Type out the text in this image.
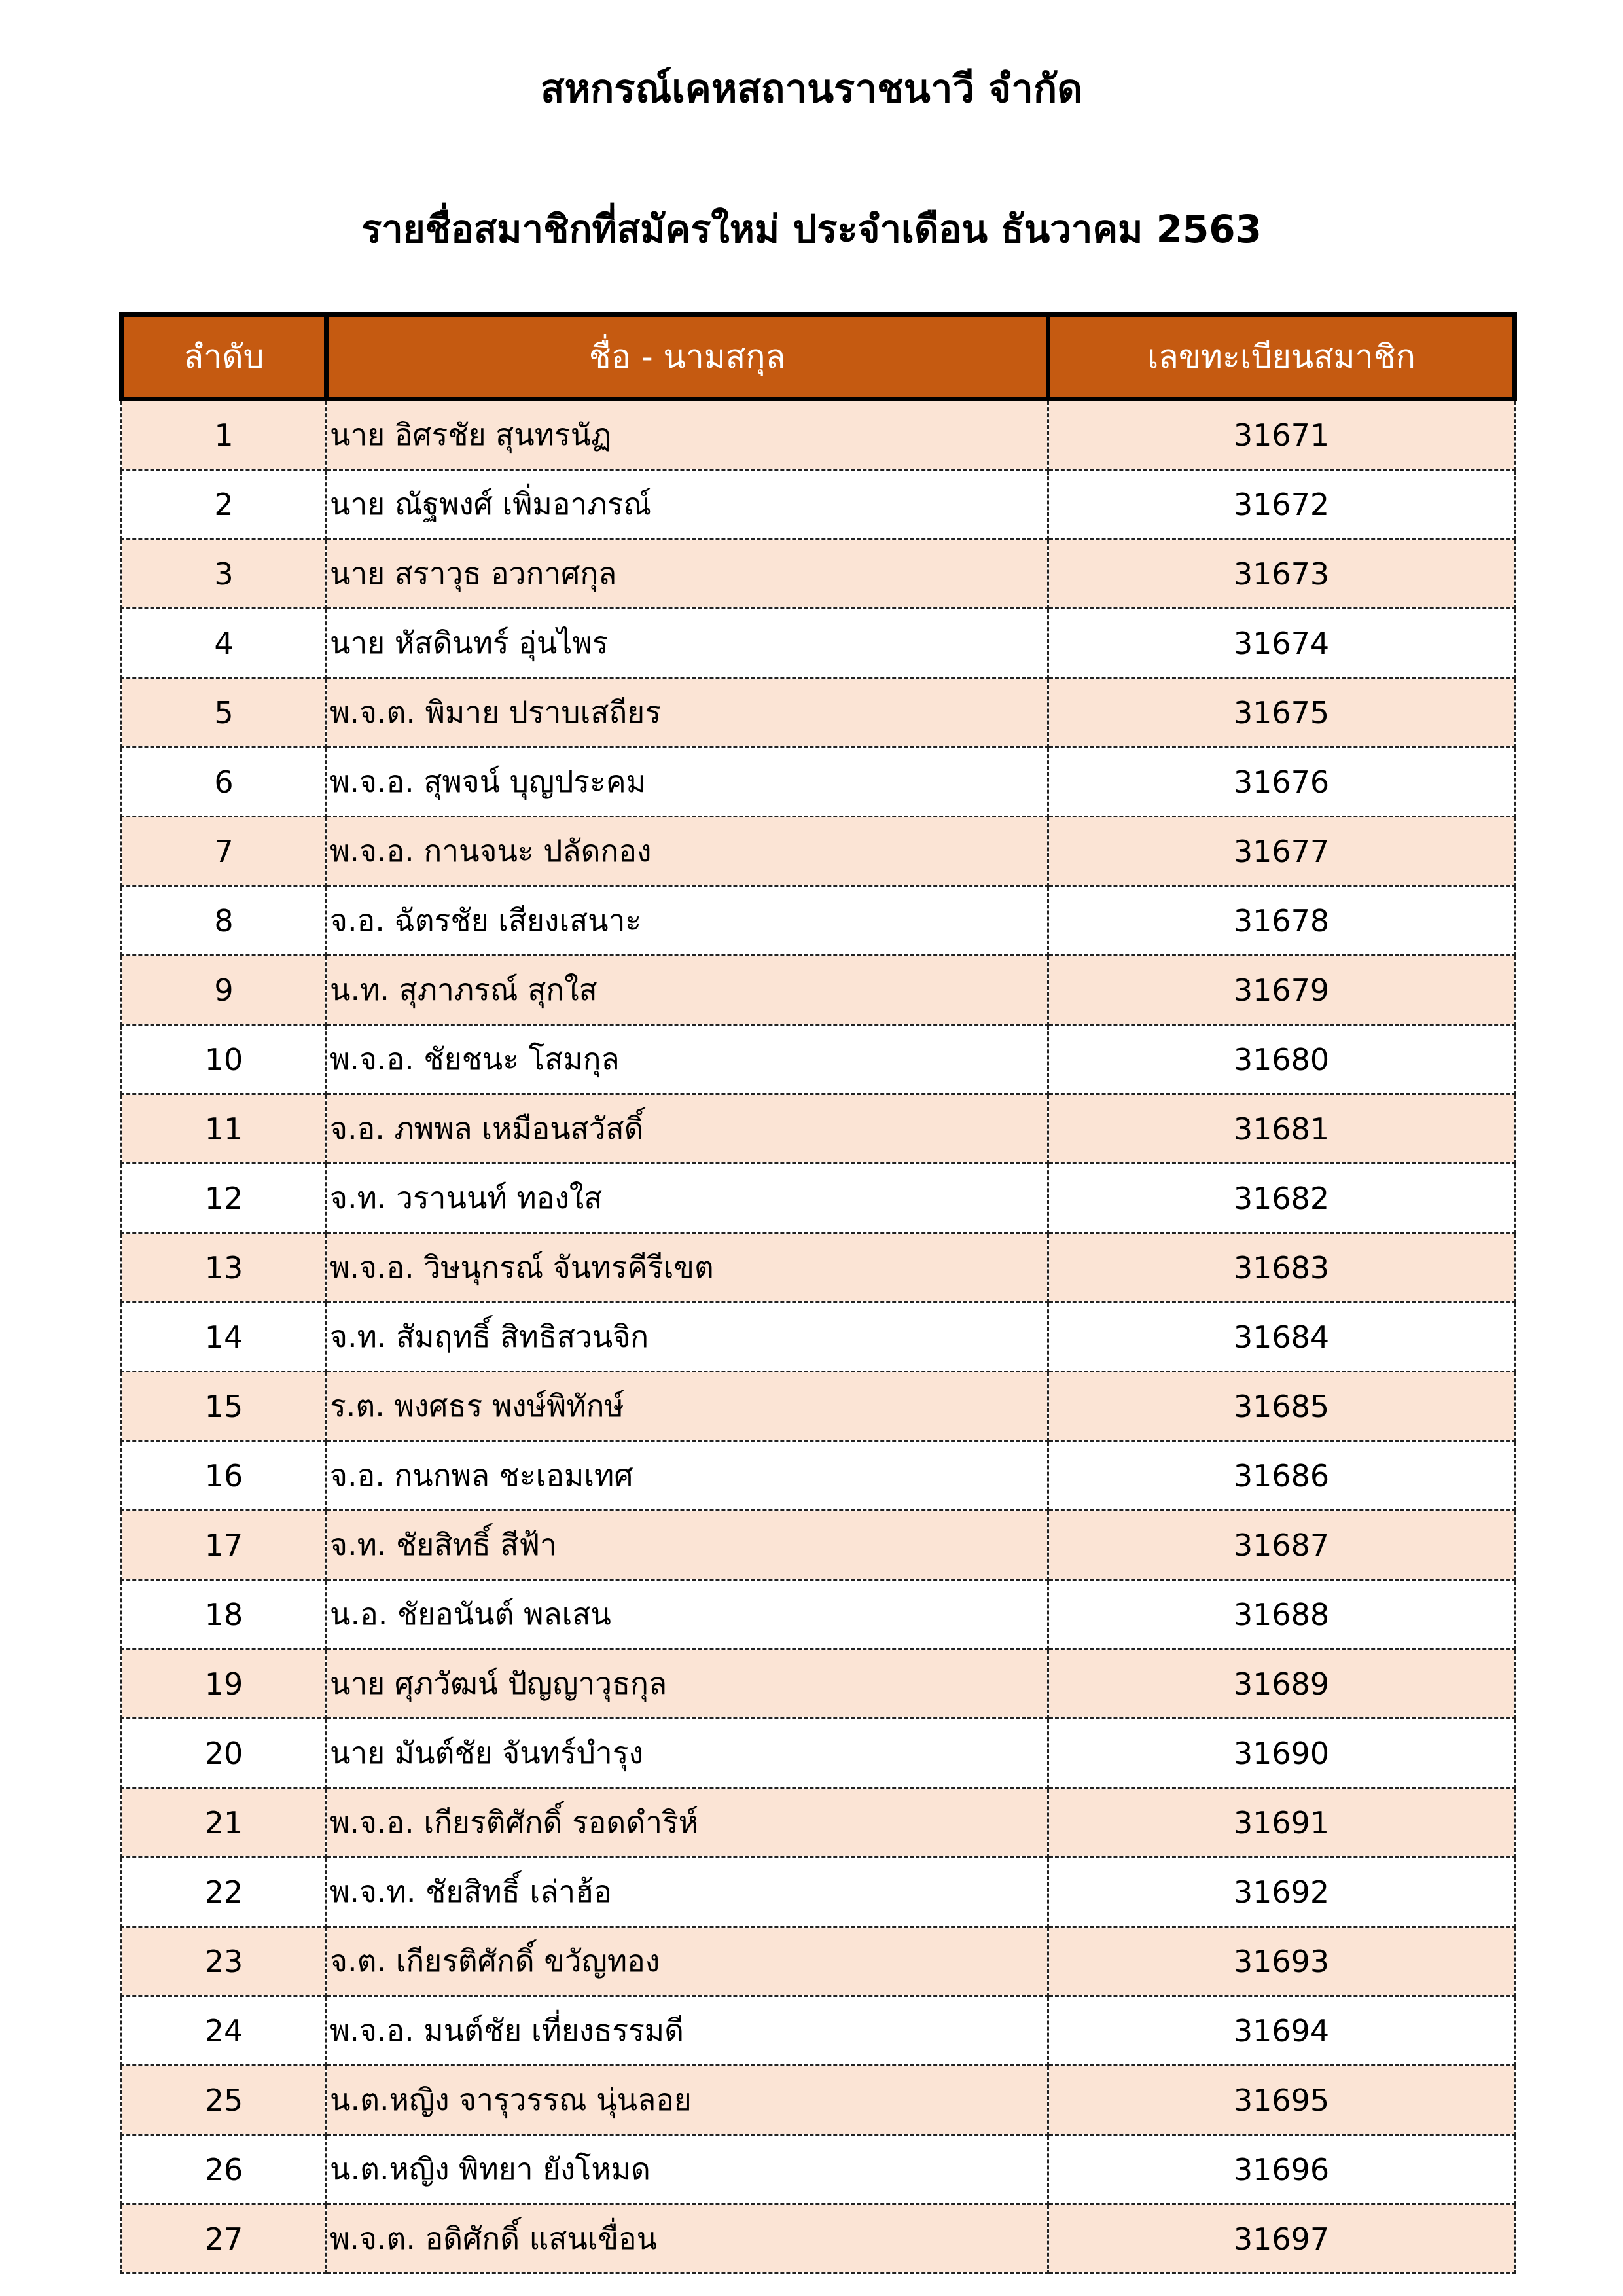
สหกรณ์เคหสถานราชนาวี จำกัด
รายชื่อสมาชิกที่สมัครใหม่ ประจำเดือน ธันวาคม 2563
ลำดับ	ชื่อ - นามสกุล	เลขทะเบียนสมาชิก
1	นาย อิศรชัย สุนทรนัฏ	31671
2	นาย ณัฐพงศ์ เพิ่มอาภรณ์	31672
3	นาย สราวุธ อวกาศกุล	31673
4	นาย หัสดินทร์ อุ่นไพร	31674
5	พ.จ.ต. พิมาย ปราบเสถียร	31675
6	พ.จ.อ. สุพจน์ บุญประคม	31676
7	พ.จ.อ. กานจนะ ปลัดกอง	31677
8	จ.อ. ฉัตรชัย เสียงเสนาะ	31678
9	น.ท. สุภาภรณ์ สุกใส	31679
10	พ.จ.อ. ชัยชนะ โสมกุล	31680
11	จ.อ. ภพพล เหมือนสวัสดิ์	31681
12	จ.ท. วรานนท์ ทองใส	31682
13	พ.จ.อ. วิษนุกรณ์ จันทรคีรีเขต	31683
14	จ.ท. สัมฤทธิ์ สิทธิสวนจิก	31684
15	ร.ต. พงศธร พงษ์พิทักษ์	31685
16	จ.อ. กนกพล ชะเอมเทศ	31686
17	จ.ท. ชัยสิทธิ์ สีฟ้า	31687
18	น.อ. ชัยอนันต์ พลเสน	31688
19	นาย ศุภวัฒน์ ปัญญาวุธกุล	31689
20	นาย มันต์ชัย จันทร์บำรุง	31690
21	พ.จ.อ. เกียรติศักดิ์ รอดดำริห์	31691
22	พ.จ.ท. ชัยสิทธิ์ เล่าฮ้อ	31692
23	จ.ต. เกียรติศักดิ์ ขวัญทอง	31693
24	พ.จ.อ. มนต์ชัย เที่ยงธรรมดี	31694
25	น.ต.หญิง จารุวรรณ นุ่นลอย	31695
26	น.ต.หญิง พิทยา ยังโหมด	31696
27	พ.จ.ต. อดิศักดิ์ แสนเขื่อน	31697
